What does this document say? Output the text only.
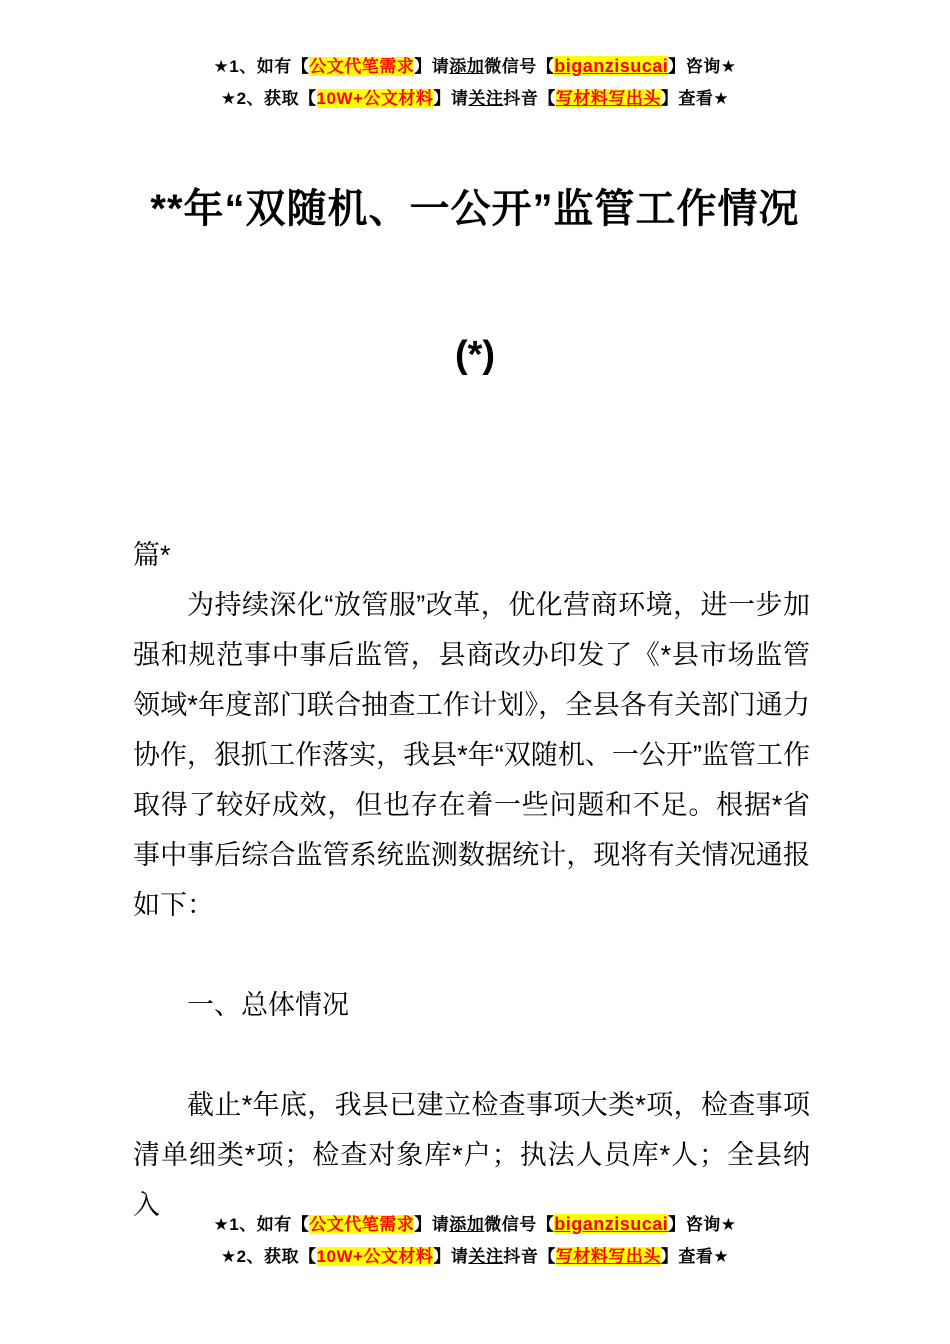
★1、如有【公文代笔需求】请添加微信号【biganzisucai】咨询★
★2、获取【10W+公文材料】请关注抖音【写材料写出头】查看★
**年“双随机、一公开”监管工作情况
(*)
篇*

为持续深化“放管服”改革，优化营商环境，进一步加强和规范事中事后监管，县商改办印发了《*县市场监管领域*年度部门联合抽查工作计划》，全县各有关部门通力协作，狠抓工作落实，我县*年“双随机、一公开”监管工作取得了较好成效，但也存在着一些问题和不足。根据*省事中事后综合监管系统监测数据统计，现将有关情况通报如下：

一、总体情况

截止*年底，我县已建立检查事项大类*项，检查事项清单细类*项；检查对象库*户；执法人员库*人；全县纳入

★1、如有【公文代笔需求】请添加微信号【biganzisucai】咨询★
★2、获取【10W+公文材料】请关注抖音【写材料写出头】查看★
